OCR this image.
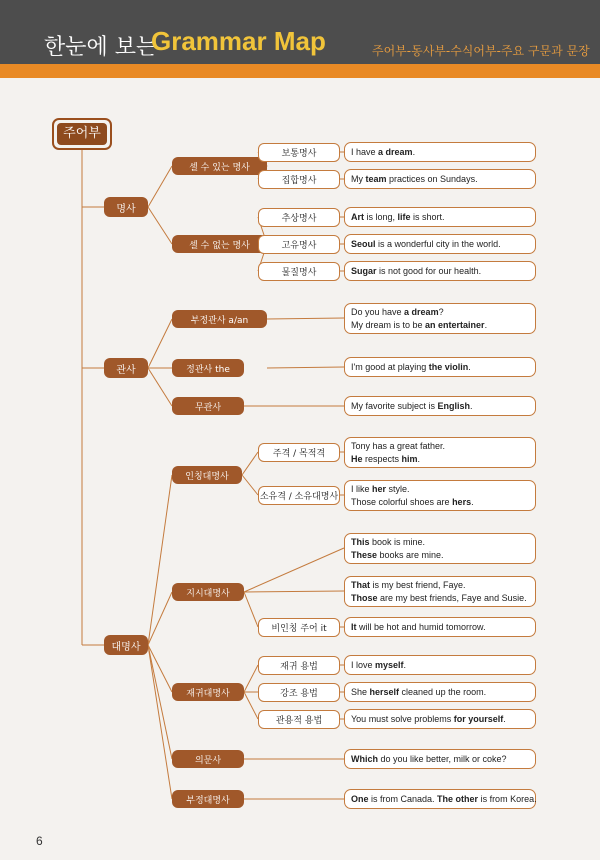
한눈에 보는
Grammar Map	주어부-동사부-수식어부-주요 구문과 문장
주어부
명사
관사
대명사
셀 수 있는 명사
셀 수 없는 명사
부정관사 a/an
정관사 the
무관사
인칭대명사
지시대명사
재귀대명사
의문사
부정대명사
보통명사
집합명사
추상명사
고유명사
물질명사
주격 / 목적격
소유격 / 소유대명사
비인칭 주어 it
재귀 용법
강조 용법
관용적 용법
I have a dream.
My team practices on Sundays.
Art is long, life is short.
Seoul is a wonderful city in the world.
Sugar is not good for our health.
Do you have a dream?
My dream is to be an entertainer.
I'm good at playing the violin.
My favorite subject is English.
Tony has a great father.
He respects him.
I like her style.
Those colorful shoes are hers.
This book is mine.
These books are mine.
That is my best friend, Faye.
Those are my best friends, Faye and Susie.
It will be hot and humid tomorrow.
I love myself.
She herself cleaned up the room.
You must solve problems for yourself.
Which do you like better, milk or coke?
One is from Canada. The other is from Korea.
6
